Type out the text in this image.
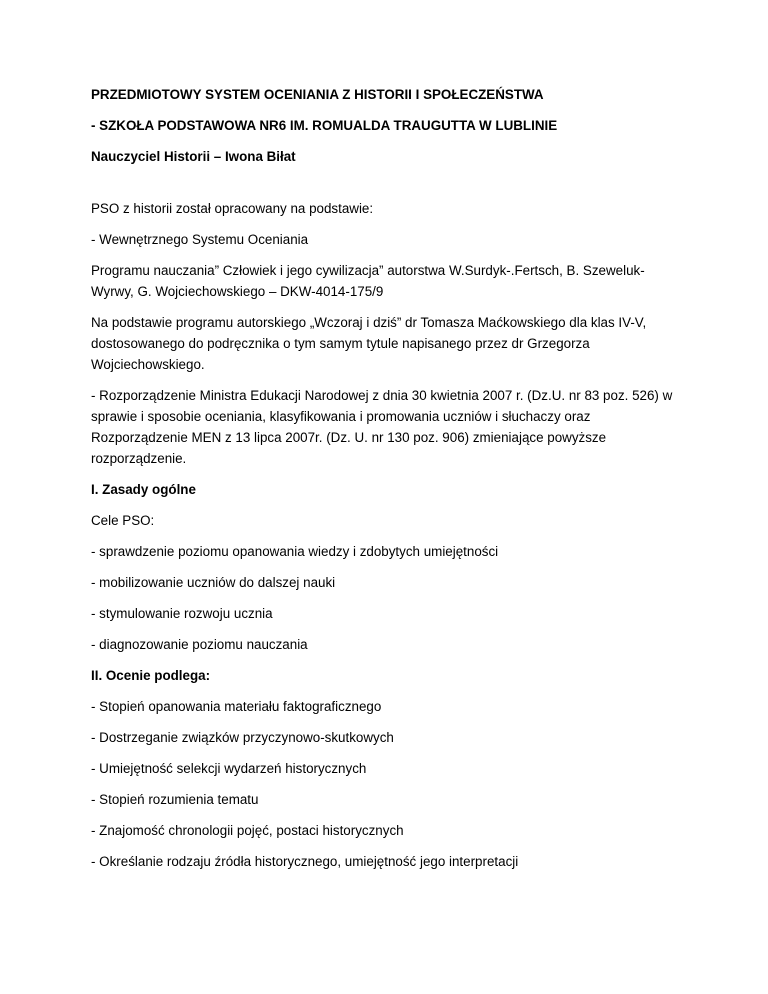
PRZEDMIOTOWY SYSTEM OCENIANIA Z HISTORII I SPOŁECZEŃSTWA

- SZKOŁA PODSTAWOWA NR6 IM. ROMUALDA TRAUGUTTA W LUBLINIE

Nauczyciel Historii – Iwona Biłat

PSO z historii został opracowany na podstawie:

- Wewnętrznego Systemu Oceniania

Programu nauczania” Człowiek i jego cywilizacja” autorstwa W.Surdyk-.Fertsch, B. Szeweluk-Wyrwy, G. Wojciechowskiego – DKW-4014-175/9

Na podstawie programu autorskiego „Wczoraj i dziś” dr Tomasza Maćkowskiego dla klas IV-V, dostosowanego do podręcznika o tym samym tytule napisanego przez dr Grzegorza Wojciechowskiego.

- Rozporządzenie Ministra Edukacji Narodowej z dnia 30 kwietnia 2007 r. (Dz.U. nr 83 poz. 526) w sprawie i sposobie oceniania, klasyfikowania i promowania uczniów i słuchaczy oraz Rozporządzenie MEN z 13 lipca 2007r. (Dz. U. nr 130 poz. 906) zmieniające powyższe rozporządzenie.

I. Zasady ogólne

Cele PSO:

- sprawdzenie poziomu opanowania wiedzy i zdobytych umiejętności

- mobilizowanie uczniów do dalszej nauki

- stymulowanie rozwoju ucznia

- diagnozowanie poziomu nauczania

II. Ocenie podlega:

- Stopień opanowania materiału faktograficznego

- Dostrzeganie związków przyczynowo-skutkowych

- Umiejętność selekcji wydarzeń historycznych

- Stopień rozumienia tematu

- Znajomość chronologii pojęć, postaci historycznych

- Określanie rodzaju źródła historycznego, umiejętność jego interpretacji
